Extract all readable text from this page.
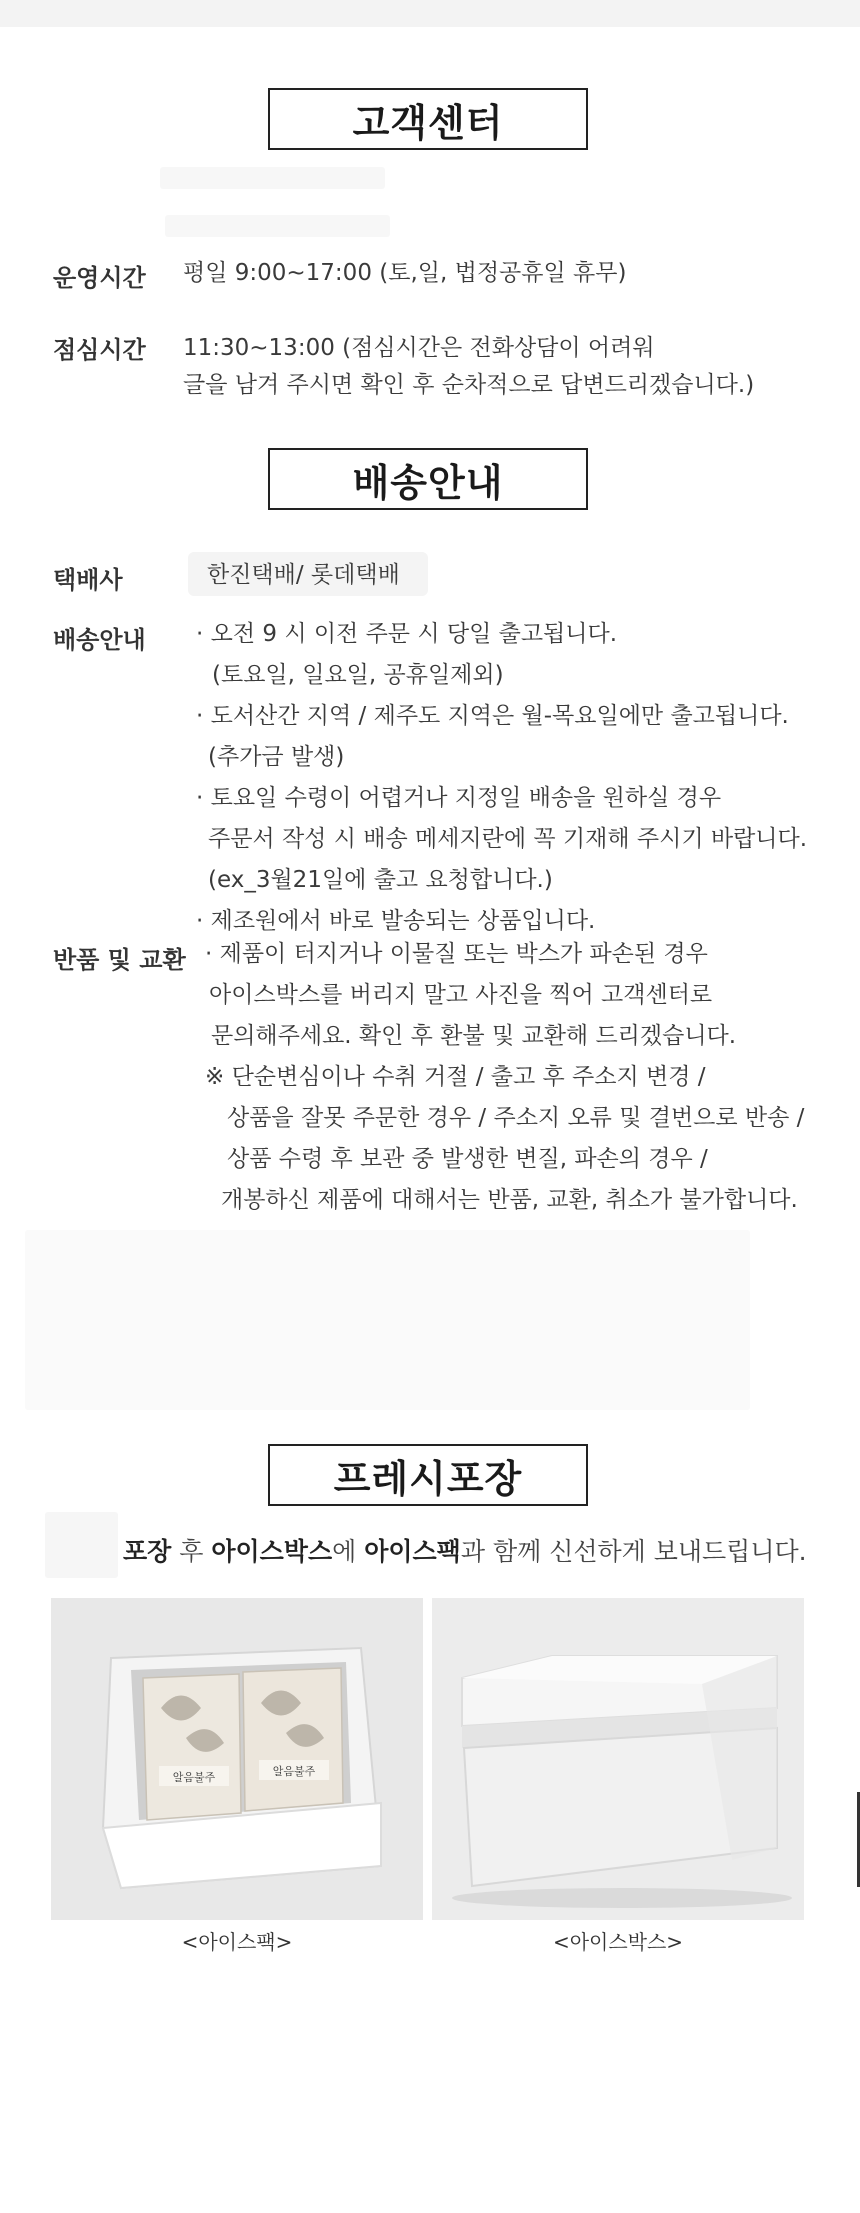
고객센터
운영시간 평일 9:00~17:00 (토,일, 법정공휴일 휴무)
점심시간 11:30~13:00 (점심시간은 전화상담이 어려워
글을 남겨 주시면 확인 후 순차적으로 답변드리겠습니다.)
배송안내
택배사	한진택배/ 롯데택배
배송안내 · 오전 9 시 이전 주문 시 당일 출고됩니다.
(토요일, 일요일, 공휴일제외)
· 도서산간 지역 / 제주도 지역은 월-목요일에만 출고됩니다.
(추가금 발생)
· 토요일 수령이 어렵거나 지정일 배송을 원하실 경우
주문서 작성 시 배송 메세지란에 꼭 기재해 주시기 바랍니다.
(ex_3월21일에 출고 요청합니다.)
· 제조원에서 바로 발송되는 상품입니다.
반품 및 교환 · 제품이 터지거나 이물질 또는 박스가 파손된 경우
아이스박스를 버리지 말고 사진을 찍어 고객센터로
문의해주세요. 확인 후 환불 및 교환해 드리겠습니다.
※ 단순변심이나 수취 거절 / 출고 후 주소지 변경 /
상품을 잘못 주문한 경우 / 주소지 오류 및 결번으로 반송 /
상품 수령 후 보관 중 발생한 변질, 파손의 경우 /
개봉하신 제품에 대해서는 반품, 교환, 취소가 불가합니다.
프레시포장
포장 후 아이스박스에 아이스팩과 함께 신선하게 보내드립니다.
알음불주	알음불주
<아이스팩>	<아이스박스>
